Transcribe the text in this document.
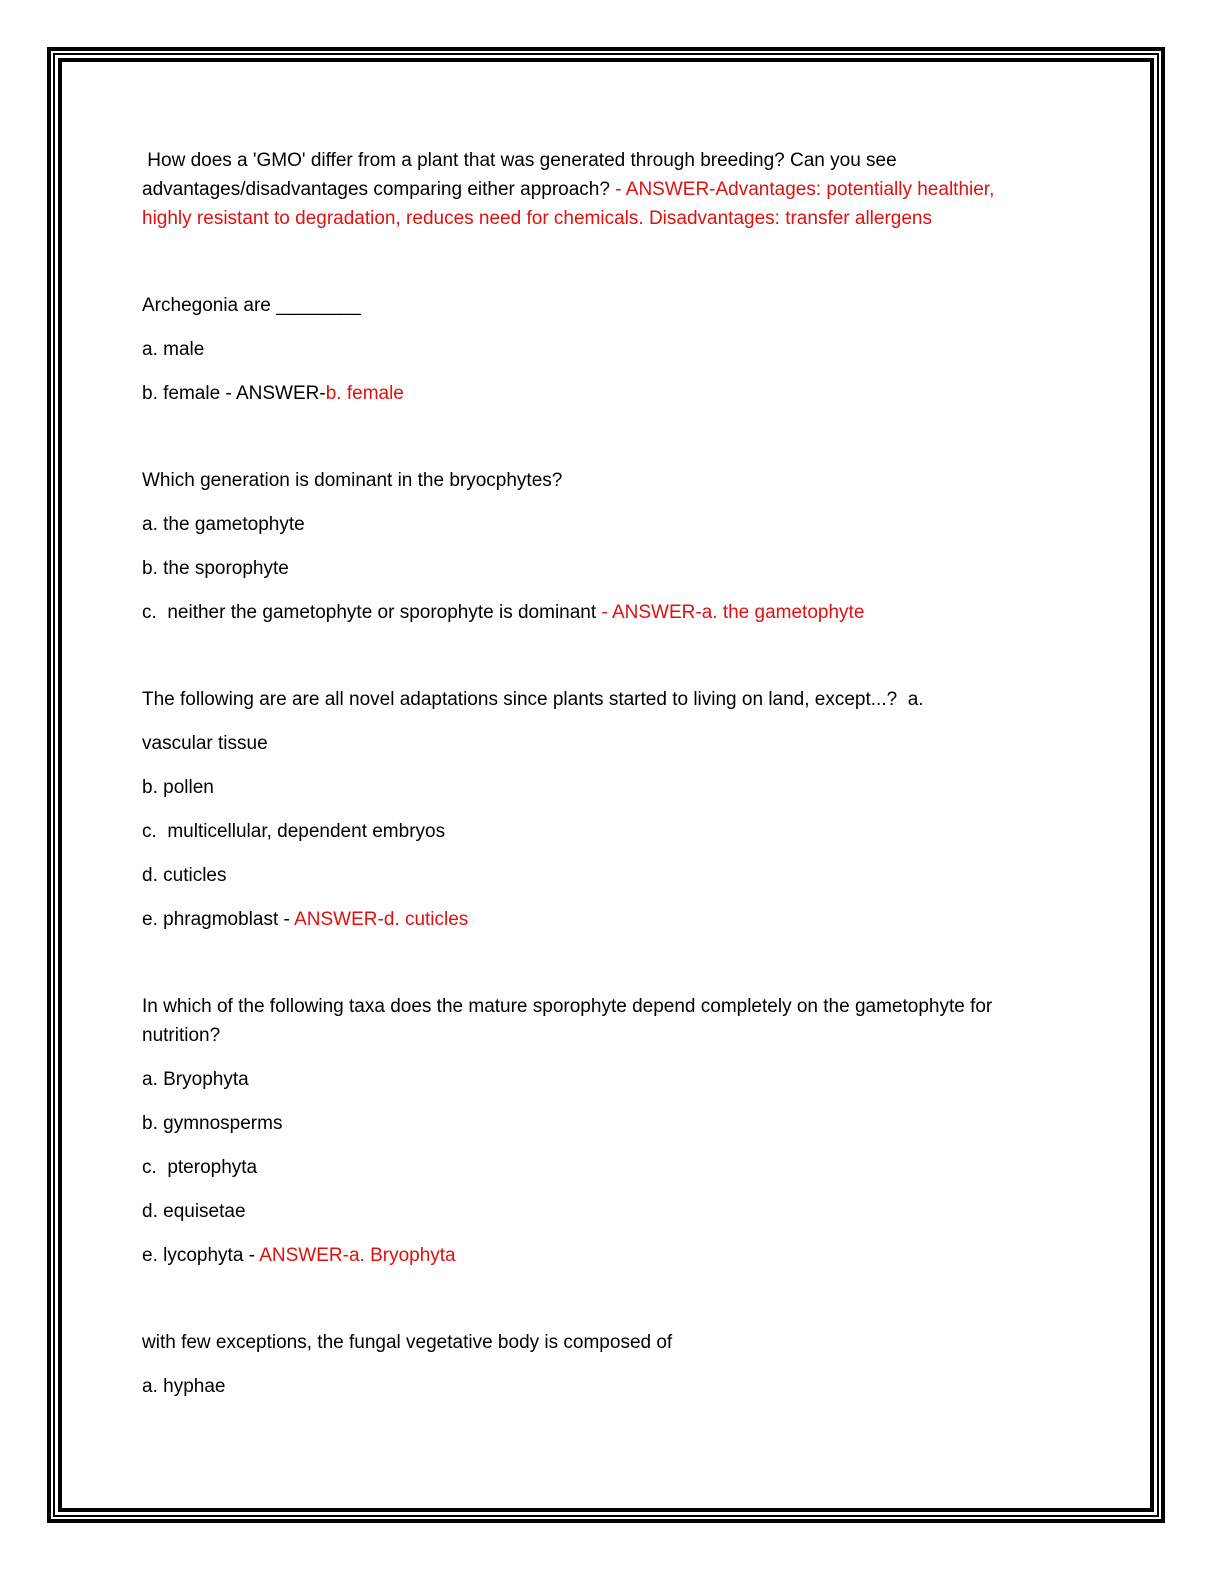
How does a 'GMO' differ from a plant that was generated through breeding? Can you see

advantages/disadvantages comparing either approach? - ANSWER-Advantages: potentially healthier,

highly resistant to degradation, reduces need for chemicals. Disadvantages: transfer allergens

Archegonia are ________

a. male

b. female - ANSWER-b. female

Which generation is dominant in the bryocphytes?

a. the gametophyte

b. the sporophyte

c.  neither the gametophyte or sporophyte is dominant - ANSWER-a. the gametophyte

The following are are all novel adaptations since plants started to living on land, except...?  a.

vascular tissue

b. pollen

c.  multicellular, dependent embryos

d. cuticles

e. phragmoblast - ANSWER-d. cuticles

In which of the following taxa does the mature sporophyte depend completely on the gametophyte for

nutrition?

a. Bryophyta

b. gymnosperms

c.  pterophyta

d. equisetae

e. lycophyta - ANSWER-a. Bryophyta

with few exceptions, the fungal vegetative body is composed of

a. hyphae
